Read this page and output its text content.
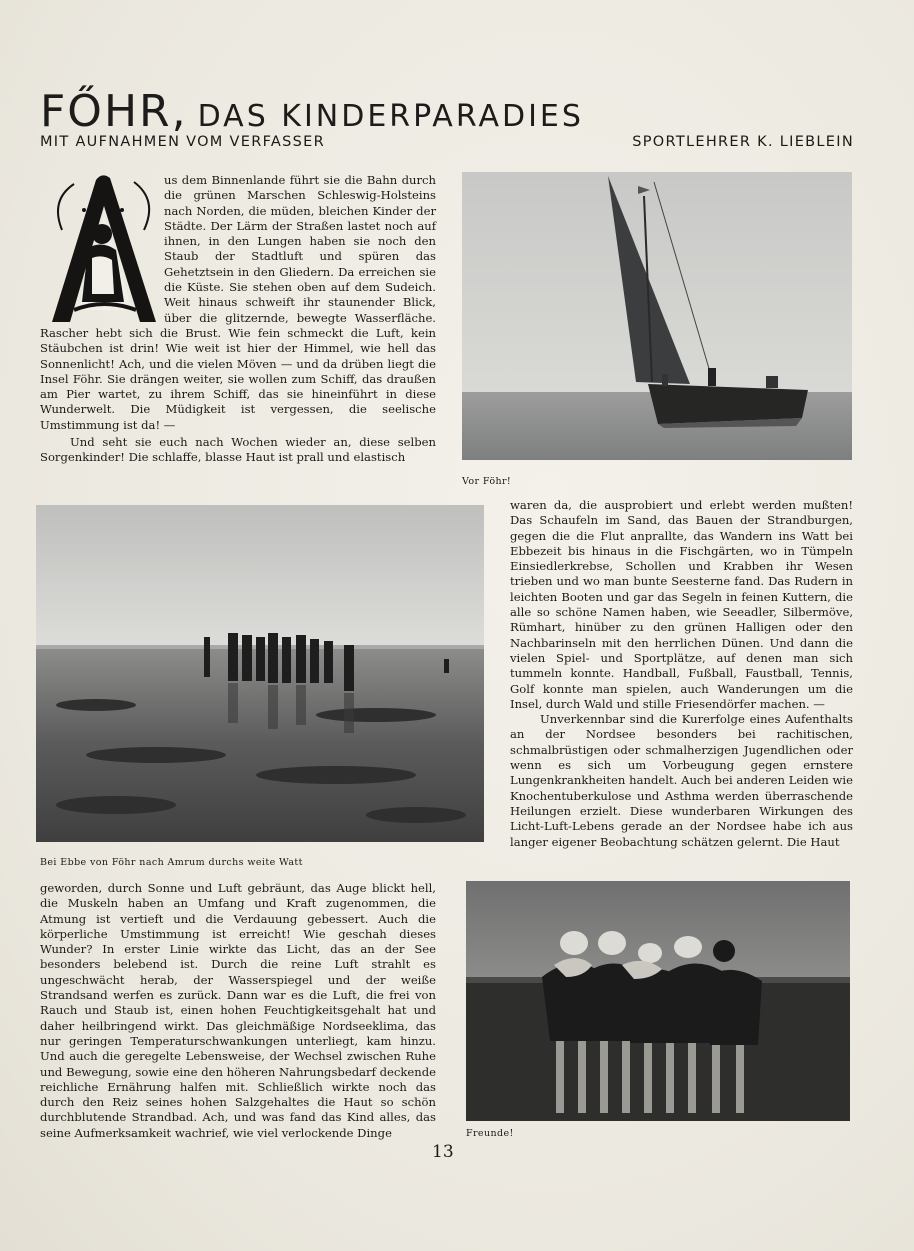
FŐHR, DAS KINDERPARADIES
MIT AUFNAHMEN VOM VERFASSER	SPORTLEHRER K. LIEBLEIN

us dem Binnenlande führt sie die Bahn durch die grünen Marschen Schleswig-Holsteins nach Norden, die müden, bleichen Kinder der Städte. Der Lärm der Straßen lastet noch auf ihnen, in den Lungen haben sie noch den Staub der Stadtluft und spüren das Gehetztsein in den Gliedern. Da erreichen sie die Küste. Sie stehen oben auf dem Sudeich. Weit hinaus schweift ihr staunender Blick, über die glitzernde, bewegte Wasserfläche. Rascher hebt sich die Brust. Wie fein schmeckt die Luft, kein Stäubchen ist drin! Wie weit ist hier der Himmel, wie hell das Sonnenlicht! Ach, und die vielen Möven — und da drüben liegt die Insel Föhr. Sie drängen weiter, sie wollen zum Schiff, das draußen am Pier wartet, zu ihrem Schiff, das sie hineinführt in diese Wunderwelt. Die Müdigkeit ist vergessen, die seelische Umstimmung ist da! —

Vor Föhr!

Und seht sie euch nach Wochen wieder an, diese selben Sorgenkinder! Die schlaffe, blasse Haut ist prall und elastisch

Bei Ebbe von Föhr nach Amrum durchs weite Watt

waren da, die ausprobiert und erlebt werden mußten! Das Schaufeln im Sand, das Bauen der Strandburgen, gegen die die Flut anprallte, das Wandern ins Watt bei Ebbezeit bis hinaus in die Fischgärten, wo in Tümpeln Einsiedlerkrebse, Schollen und Krabben ihr Wesen trieben und wo man bunte Seesterne fand. Das Rudern in leichten Booten und gar das Segeln in feinen Kuttern, die alle so schöne Namen haben, wie Seeadler, Silbermöve, Rümhart, hinüber zu den grünen Halligen oder den Nachbarinseln mit den herrlichen Dünen. Und dann die vielen Spiel- und Sportplätze, auf denen man sich tummeln konnte. Handball, Fußball, Faustball, Tennis, Golf konnte man spielen, auch Wanderungen um die Insel, durch Wald und stille Friesendörfer machen. —

Unverkennbar sind die Kurerfolge eines Aufenthalts an der Nordsee besonders bei rachitischen, schmalbrüstigen oder schmalherzigen Jugendlichen oder wenn es sich um Vorbeugung gegen ernstere Lungenkrankheiten handelt. Auch bei anderen Leiden wie Knochentuberkulose und Asthma werden überraschende Heilungen erzielt. Diese wunderbaren Wirkungen des Licht-Luft-Lebens gerade an der Nordsee habe ich aus langer eigener Beobachtung schätzen gelernt. Die Haut

geworden, durch Sonne und Luft gebräunt, das Auge blickt hell, die Muskeln haben an Umfang und Kraft zugenommen, die Atmung ist vertieft und die Verdauung gebessert. Auch die körperliche Umstimmung ist erreicht! Wie geschah dieses Wunder? In erster Linie wirkte das Licht, das an der See besonders belebend ist. Durch die reine Luft strahlt es ungeschwächt herab, der Wasserspiegel und der weiße Strandsand werfen es zurück. Dann war es die Luft, die frei von Rauch und Staub ist, einen hohen Feuchtigkeitsgehalt hat und daher heilbringend wirkt. Das gleichmäßige Nordseeklima, das nur geringen Temperaturschwankungen unterliegt, kam hinzu. Und auch die geregelte Lebensweise, der Wechsel zwischen Ruhe und Bewegung, sowie eine den höheren Nahrungsbedarf deckende reichliche Ernährung halfen mit. Schließlich wirkte noch das durch den Reiz seines hohen Salzgehaltes die Haut so schön durchblutende Strandbad. Ach, und was fand das Kind alles, das seine Aufmerksamkeit wachrief, wie viel verlockende Dinge	Freunde!
13
